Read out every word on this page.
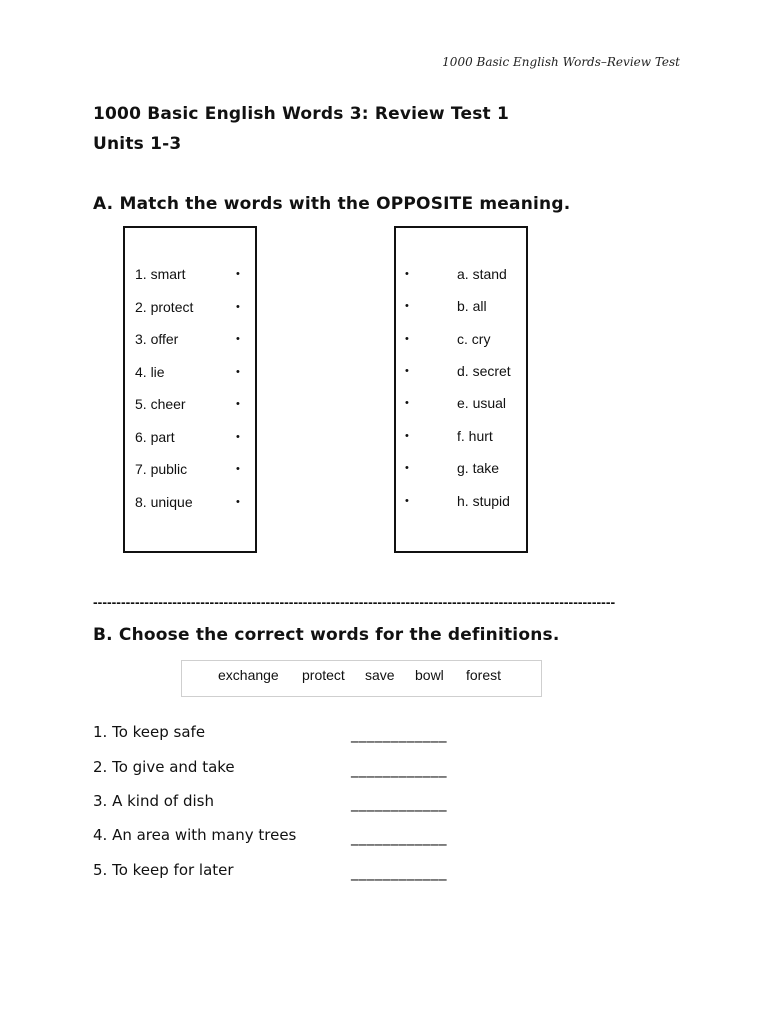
1000 Basic English Words–Review Test
1000 Basic English Words 3: Review Test 1
Units 1-3
A. Match the words with the OPPOSITE meaning.
1. smart	•
2. protect	•
3. offer	•
4. lie	•
5. cheer	•
6. part	•
7. public	•
8. unique	•
•	a. stand
•	b. all
•	c. cry
•	d. secret
•	e. usual
•	f. hurt
•	g. take
•	h. stupid
----------------------------------------------------------------------------------------------------------------
B. Choose the correct words for the definitions.
exchange protect save bowl forest
1. To keep safe	____________
2. To give and take	____________
3. A kind of dish	____________
4. An area with many trees	____________
5. To keep for later	____________
